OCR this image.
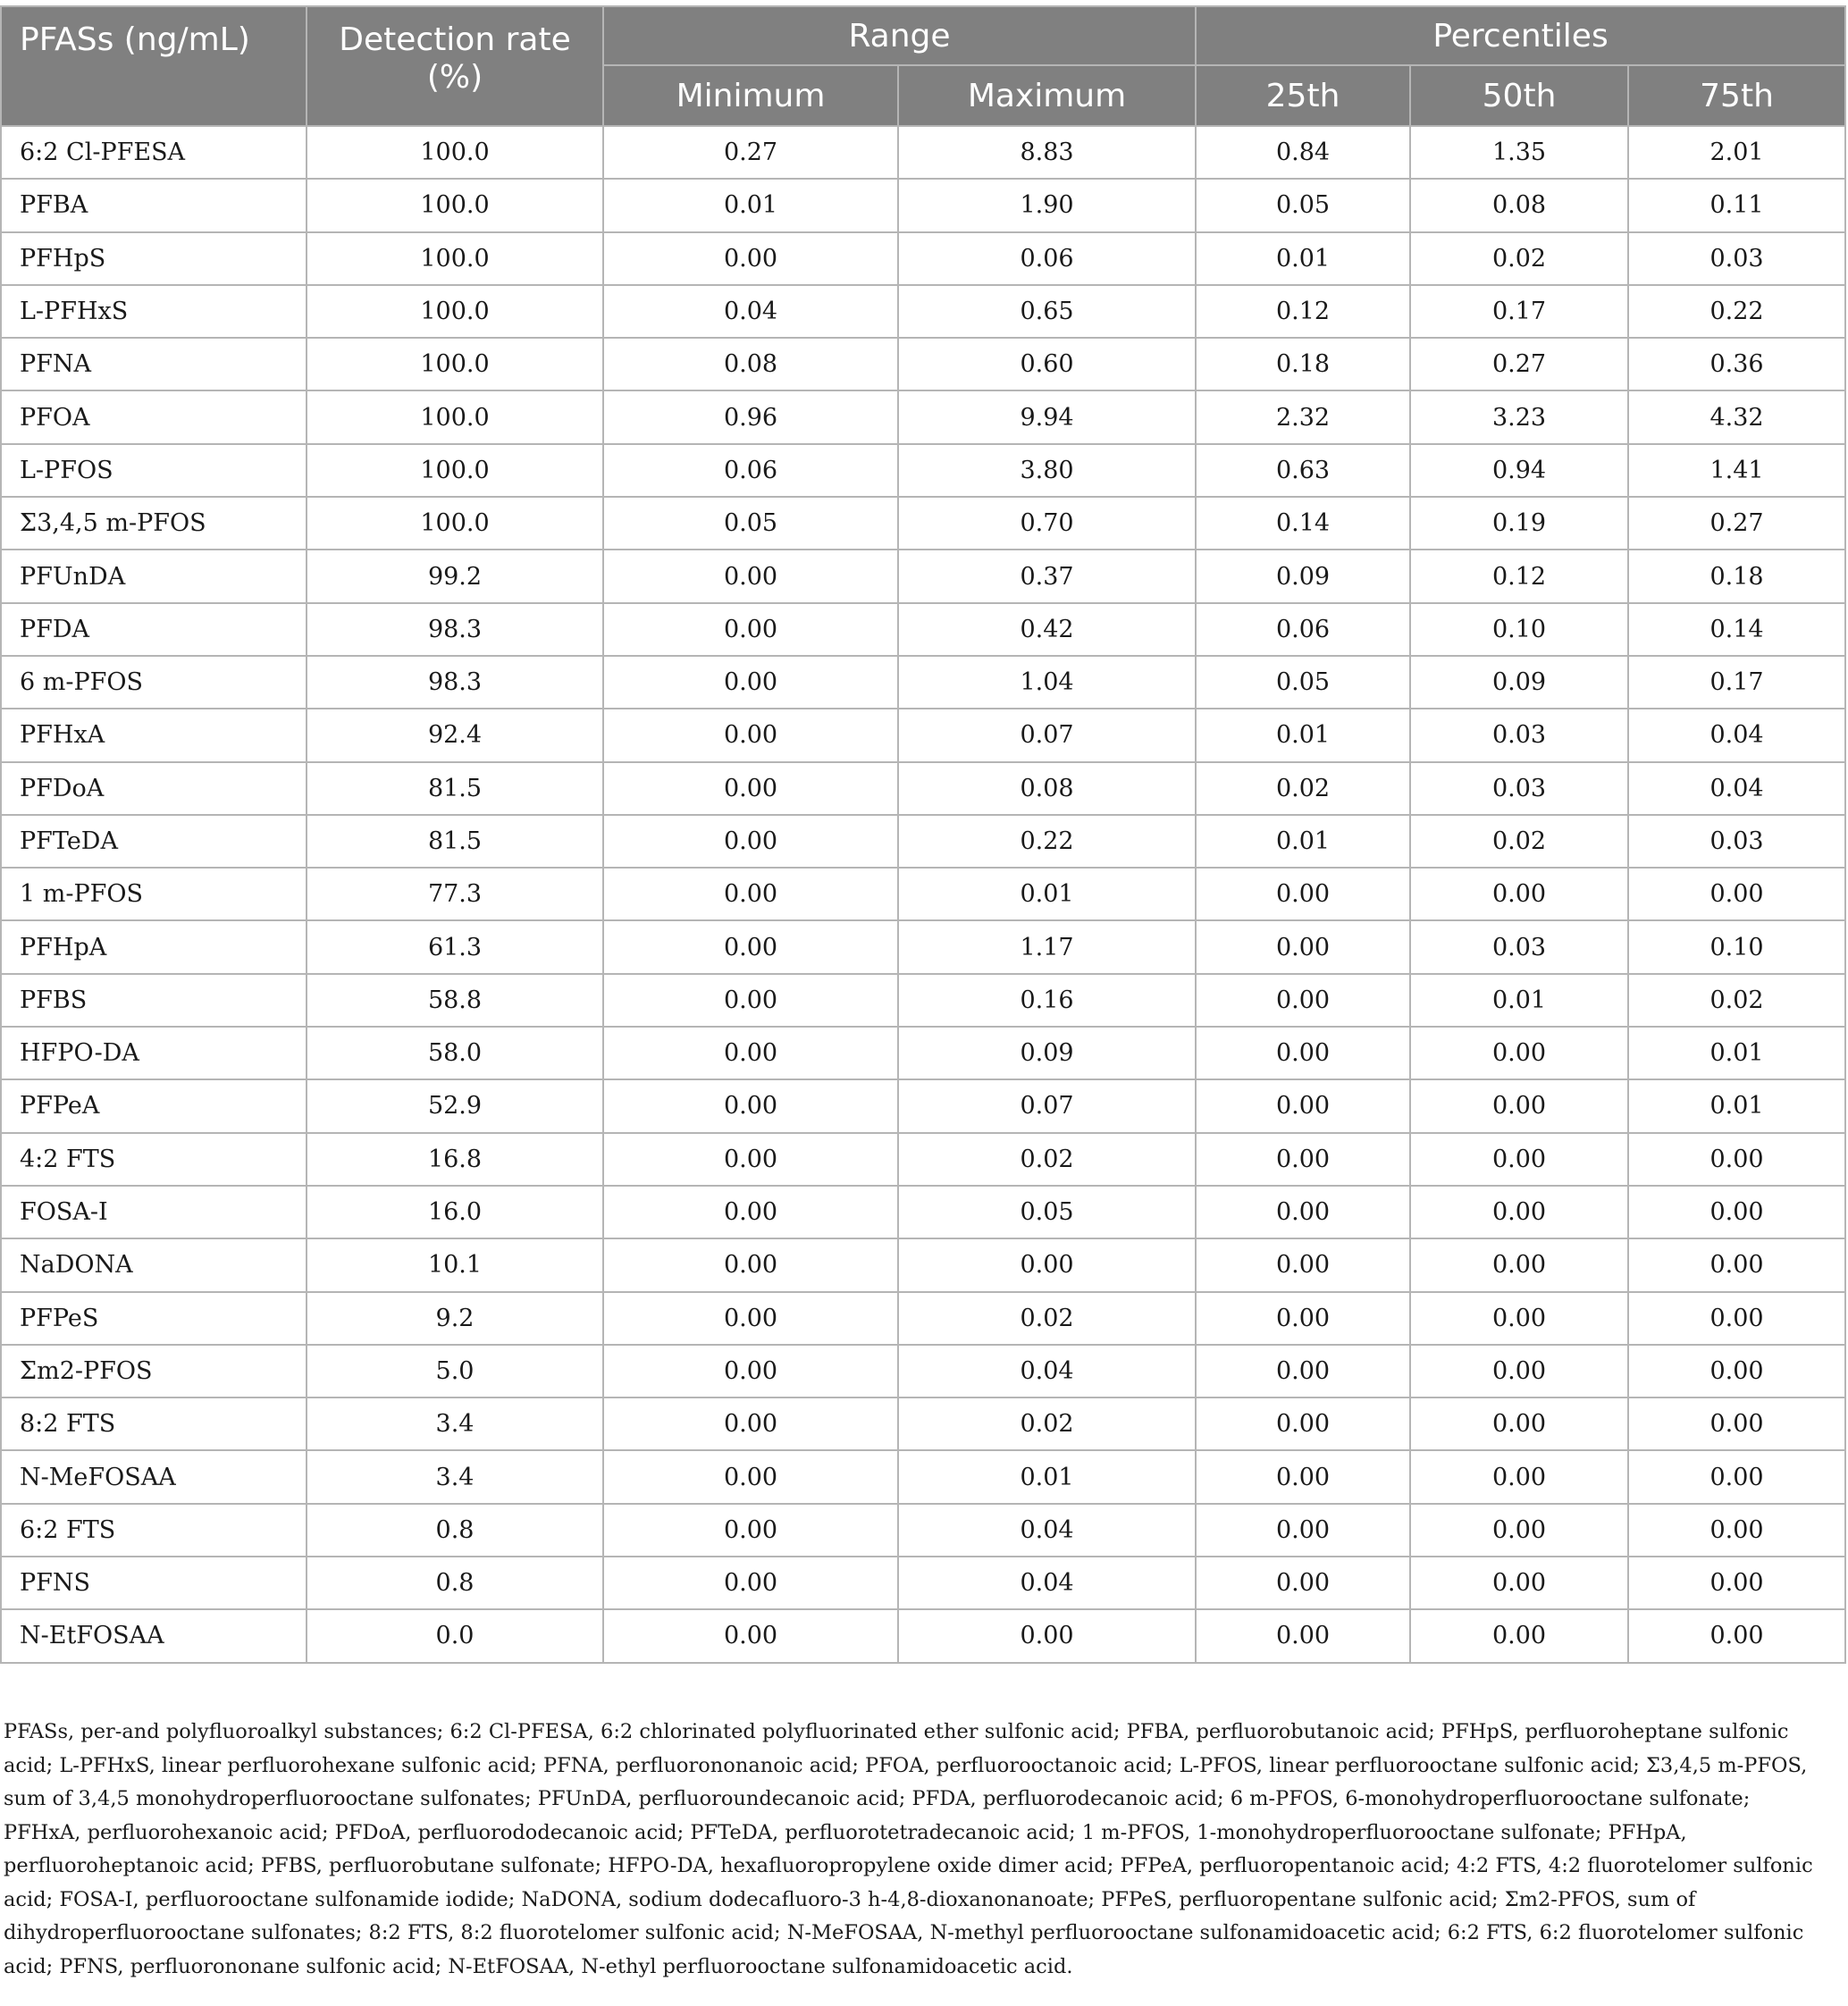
PFASs (ng/mL)	Detection rate (%)	Range		Percentiles		
		Minimum	Maximum	25th	50th	75th
6:2 Cl-PFESA	100.0	0.27	8.83	0.84	1.35	2.01
PFBA	100.0	0.01	1.90	0.05	0.08	0.11
PFHpS	100.0	0.00	0.06	0.01	0.02	0.03
L-PFHxS	100.0	0.04	0.65	0.12	0.17	0.22
PFNA	100.0	0.08	0.60	0.18	0.27	0.36
PFOA	100.0	0.96	9.94	2.32	3.23	4.32
L-PFOS	100.0	0.06	3.80	0.63	0.94	1.41
Σ3,4,5 m-PFOS	100.0	0.05	0.70	0.14	0.19	0.27
PFUnDA	99.2	0.00	0.37	0.09	0.12	0.18
PFDA	98.3	0.00	0.42	0.06	0.10	0.14
6 m-PFOS	98.3	0.00	1.04	0.05	0.09	0.17
PFHxA	92.4	0.00	0.07	0.01	0.03	0.04
PFDoA	81.5	0.00	0.08	0.02	0.03	0.04
PFTeDA	81.5	0.00	0.22	0.01	0.02	0.03
1 m-PFOS	77.3	0.00	0.01	0.00	0.00	0.00
PFHpA	61.3	0.00	1.17	0.00	0.03	0.10
PFBS	58.8	0.00	0.16	0.00	0.01	0.02
HFPO-DA	58.0	0.00	0.09	0.00	0.00	0.01
PFPeA	52.9	0.00	0.07	0.00	0.00	0.01
4:2 FTS	16.8	0.00	0.02	0.00	0.00	0.00
FOSA-I	16.0	0.00	0.05	0.00	0.00	0.00
NaDONA	10.1	0.00	0.00	0.00	0.00	0.00
PFPeS	9.2	0.00	0.02	0.00	0.00	0.00
Σm2-PFOS	5.0	0.00	0.04	0.00	0.00	0.00
8:2 FTS	3.4	0.00	0.02	0.00	0.00	0.00
N-MeFOSAA	3.4	0.00	0.01	0.00	0.00	0.00
6:2 FTS	0.8	0.00	0.04	0.00	0.00	0.00
PFNS	0.8	0.00	0.04	0.00	0.00	0.00
N-EtFOSAA	0.0	0.00	0.00	0.00	0.00	0.00
PFASs, per-and polyfluoroalkyl substances; 6:2 Cl-PFESA, 6:2 chlorinated polyfluorinated ether sulfonic acid; PFBA, perfluorobutanoic acid; PFHpS, perfluoroheptane sulfonic acid; L-PFHxS, linear perfluorohexane sulfonic acid; PFNA, perfluorononanoic acid; PFOA, perfluorooctanoic acid; L-PFOS, linear perfluorooctane sulfonic acid; Σ3,4,5 m-PFOS, sum of 3,4,5 monohydroperfluorooctane sulfonates; PFUnDA, perfluoroundecanoic acid; PFDA, perfluorodecanoic acid; 6 m-PFOS, 6-monohydroperfluorooctane sulfonate; PFHxA, perfluorohexanoic acid; PFDoA, perfluorododecanoic acid; PFTeDA, perfluorotetradecanoic acid; 1 m-PFOS, 1-monohydroperfluorooctane sulfonate; PFHpA, perfluoroheptanoic acid; PFBS, perfluorobutane sulfonate; HFPO-DA, hexafluoropropylene oxide dimer acid; PFPeA, perfluoropentanoic acid; 4:2 FTS, 4:2 fluorotelomer sulfonic acid; FOSA-I, perfluorooctane sulfonamide iodide; NaDONA, sodium dodecafluoro-3 h-4,8-dioxanonanoate; PFPeS, perfluoropentane sulfonic acid; Σm2-PFOS, sum of dihydroperfluorooctane sulfonates; 8:2 FTS, 8:2 fluorotelomer sulfonic acid; N-MeFOSAA, N-methyl perfluorooctane sulfonamidoacetic acid; 6:2 FTS, 6:2 fluorotelomer sulfonic acid; PFNS, perfluorononane sulfonic acid; N-EtFOSAA, N-ethyl perfluorooctane sulfonamidoacetic acid.
